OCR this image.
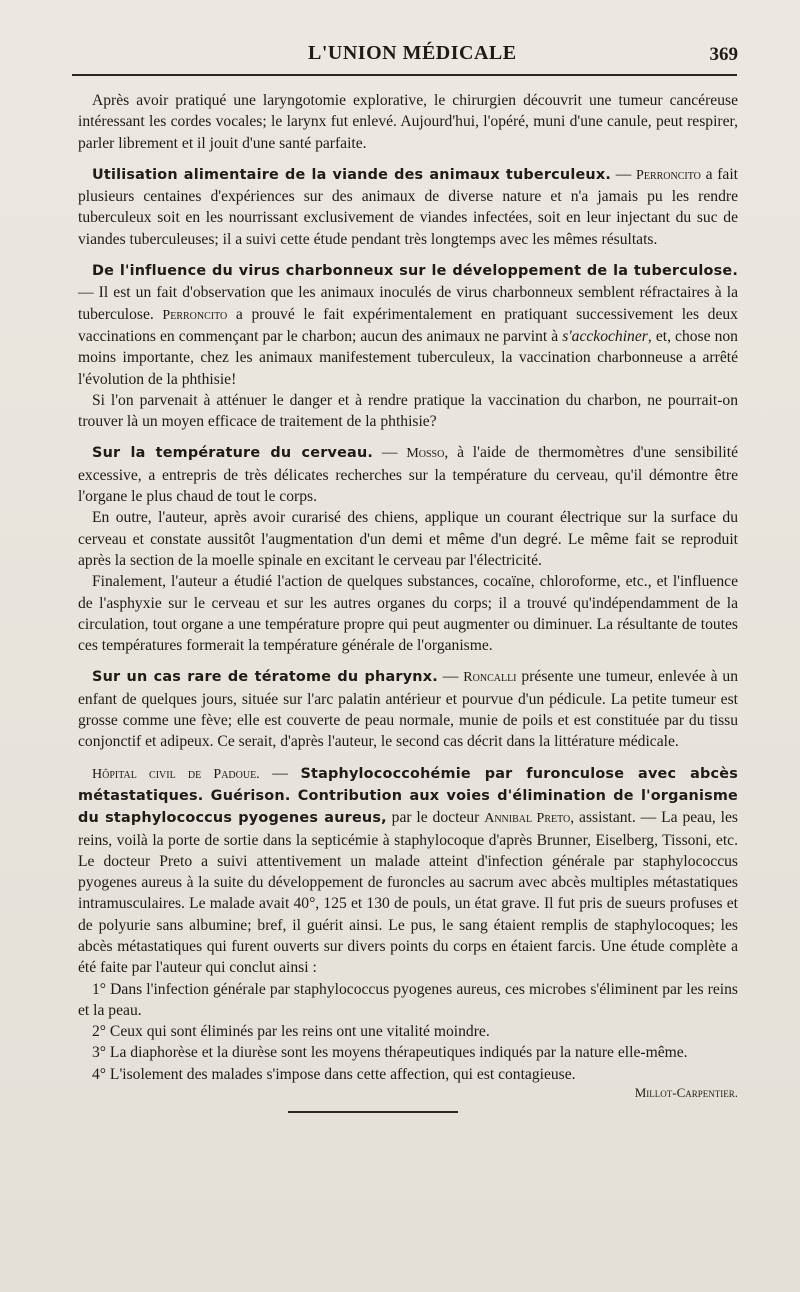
L'UNION MÉDICALE	369

Après avoir pratiqué une laryngotomie explorative, le chirurgien découvrit une tumeur cancéreuse intéressant les cordes vocales; le larynx fut enlevé. Aujourd'hui, l'opéré, muni d'une canule, peut respirer, parler librement et il jouit d'une santé parfaite.

Utilisation alimentaire de la viande des animaux tuberculeux. — Perroncito a fait plusieurs centaines d'expériences sur des animaux de diverse nature et n'a jamais pu les rendre tuberculeux soit en les nourrissant exclusivement de viandes infectées, soit en leur injectant du suc de viandes tuberculeuses; il a suivi cette étude pendant très longtemps avec les mêmes résultats.

De l'influence du virus charbonneux sur le développement de la tuberculose. — Il est un fait d'observation que les animaux inoculés de virus charbonneux semblent réfractaires à la tuberculose. Perroncito a prouvé le fait expérimentalement en pratiquant successivement les deux vaccinations en commençant par le charbon; aucun des animaux ne parvint à s'acckochiner, et, chose non moins importante, chez les animaux manifestement tuberculeux, la vaccination charbonneuse a arrêté l'évolution de la phthisie!

Si l'on parvenait à atténuer le danger et à rendre pratique la vaccination du charbon, ne pourrait-on trouver là un moyen efficace de traitement de la phthisie?

Sur la température du cerveau. — Mosso, à l'aide de thermomètres d'une sensibilité excessive, a entrepris de très délicates recherches sur la température du cerveau, qu'il démontre être l'organe le plus chaud de tout le corps.

En outre, l'auteur, après avoir curarisé des chiens, applique un courant électrique sur la surface du cerveau et constate aussitôt l'augmentation d'un demi et même d'un degré. Le même fait se reproduit après la section de la moelle spinale en excitant le cerveau par l'électricité.

Finalement, l'auteur a étudié l'action de quelques substances, cocaïne, chloroforme, etc., et l'influence de l'asphyxie sur le cerveau et sur les autres organes du corps; il a trouvé qu'indépendamment de la circulation, tout organe a une température propre qui peut augmenter ou diminuer. La résultante de toutes ces températures formerait la température générale de l'organisme.

Sur un cas rare de tératome du pharynx. — Roncalli présente une tumeur, enlevée à un enfant de quelques jours, située sur l'arc palatin antérieur et pourvue d'un pédicule. La petite tumeur est grosse comme une fève; elle est couverte de peau normale, munie de poils et est constituée par du tissu conjonctif et adipeux. Ce serait, d'après l'auteur, le second cas décrit dans la littérature médicale.

Hôpital civil de Padoue. — Staphylococcohémie par furonculose avec abcès métastatiques. Guérison. Contribution aux voies d'élimination de l'organisme du staphylococcus pyogenes aureus, par le docteur Annibal Preto, assistant. — La peau, les reins, voilà la porte de sortie dans la septicémie à staphylocoque d'après Brunner, Eiselberg, Tissoni, etc. Le docteur Preto a suivi attentivement un malade atteint d'infection générale par staphylococcus pyogenes aureus à la suite du développement de furoncles au sacrum avec abcès multiples métastatiques intramusculaires. Le malade avait 40°, 125 et 130 de pouls, un état grave. Il fut pris de sueurs profuses et de polyurie sans albumine; bref, il guérit ainsi. Le pus, le sang étaient remplis de staphylocoques; les abcès métastatiques qui furent ouverts sur divers points du corps en étaient farcis. Une étude complète a été faite par l'auteur qui conclut ainsi :

1° Dans l'infection générale par staphylococcus pyogenes aureus, ces microbes s'éliminent par les reins et la peau.

2° Ceux qui sont éliminés par les reins ont une vitalité moindre.

3° La diaphorèse et la diurèse sont les moyens thérapeutiques indiqués par la nature elle-même.

4° L'isolement des malades s'impose dans cette affection, qui est contagieuse.

Millot-Carpentier.
